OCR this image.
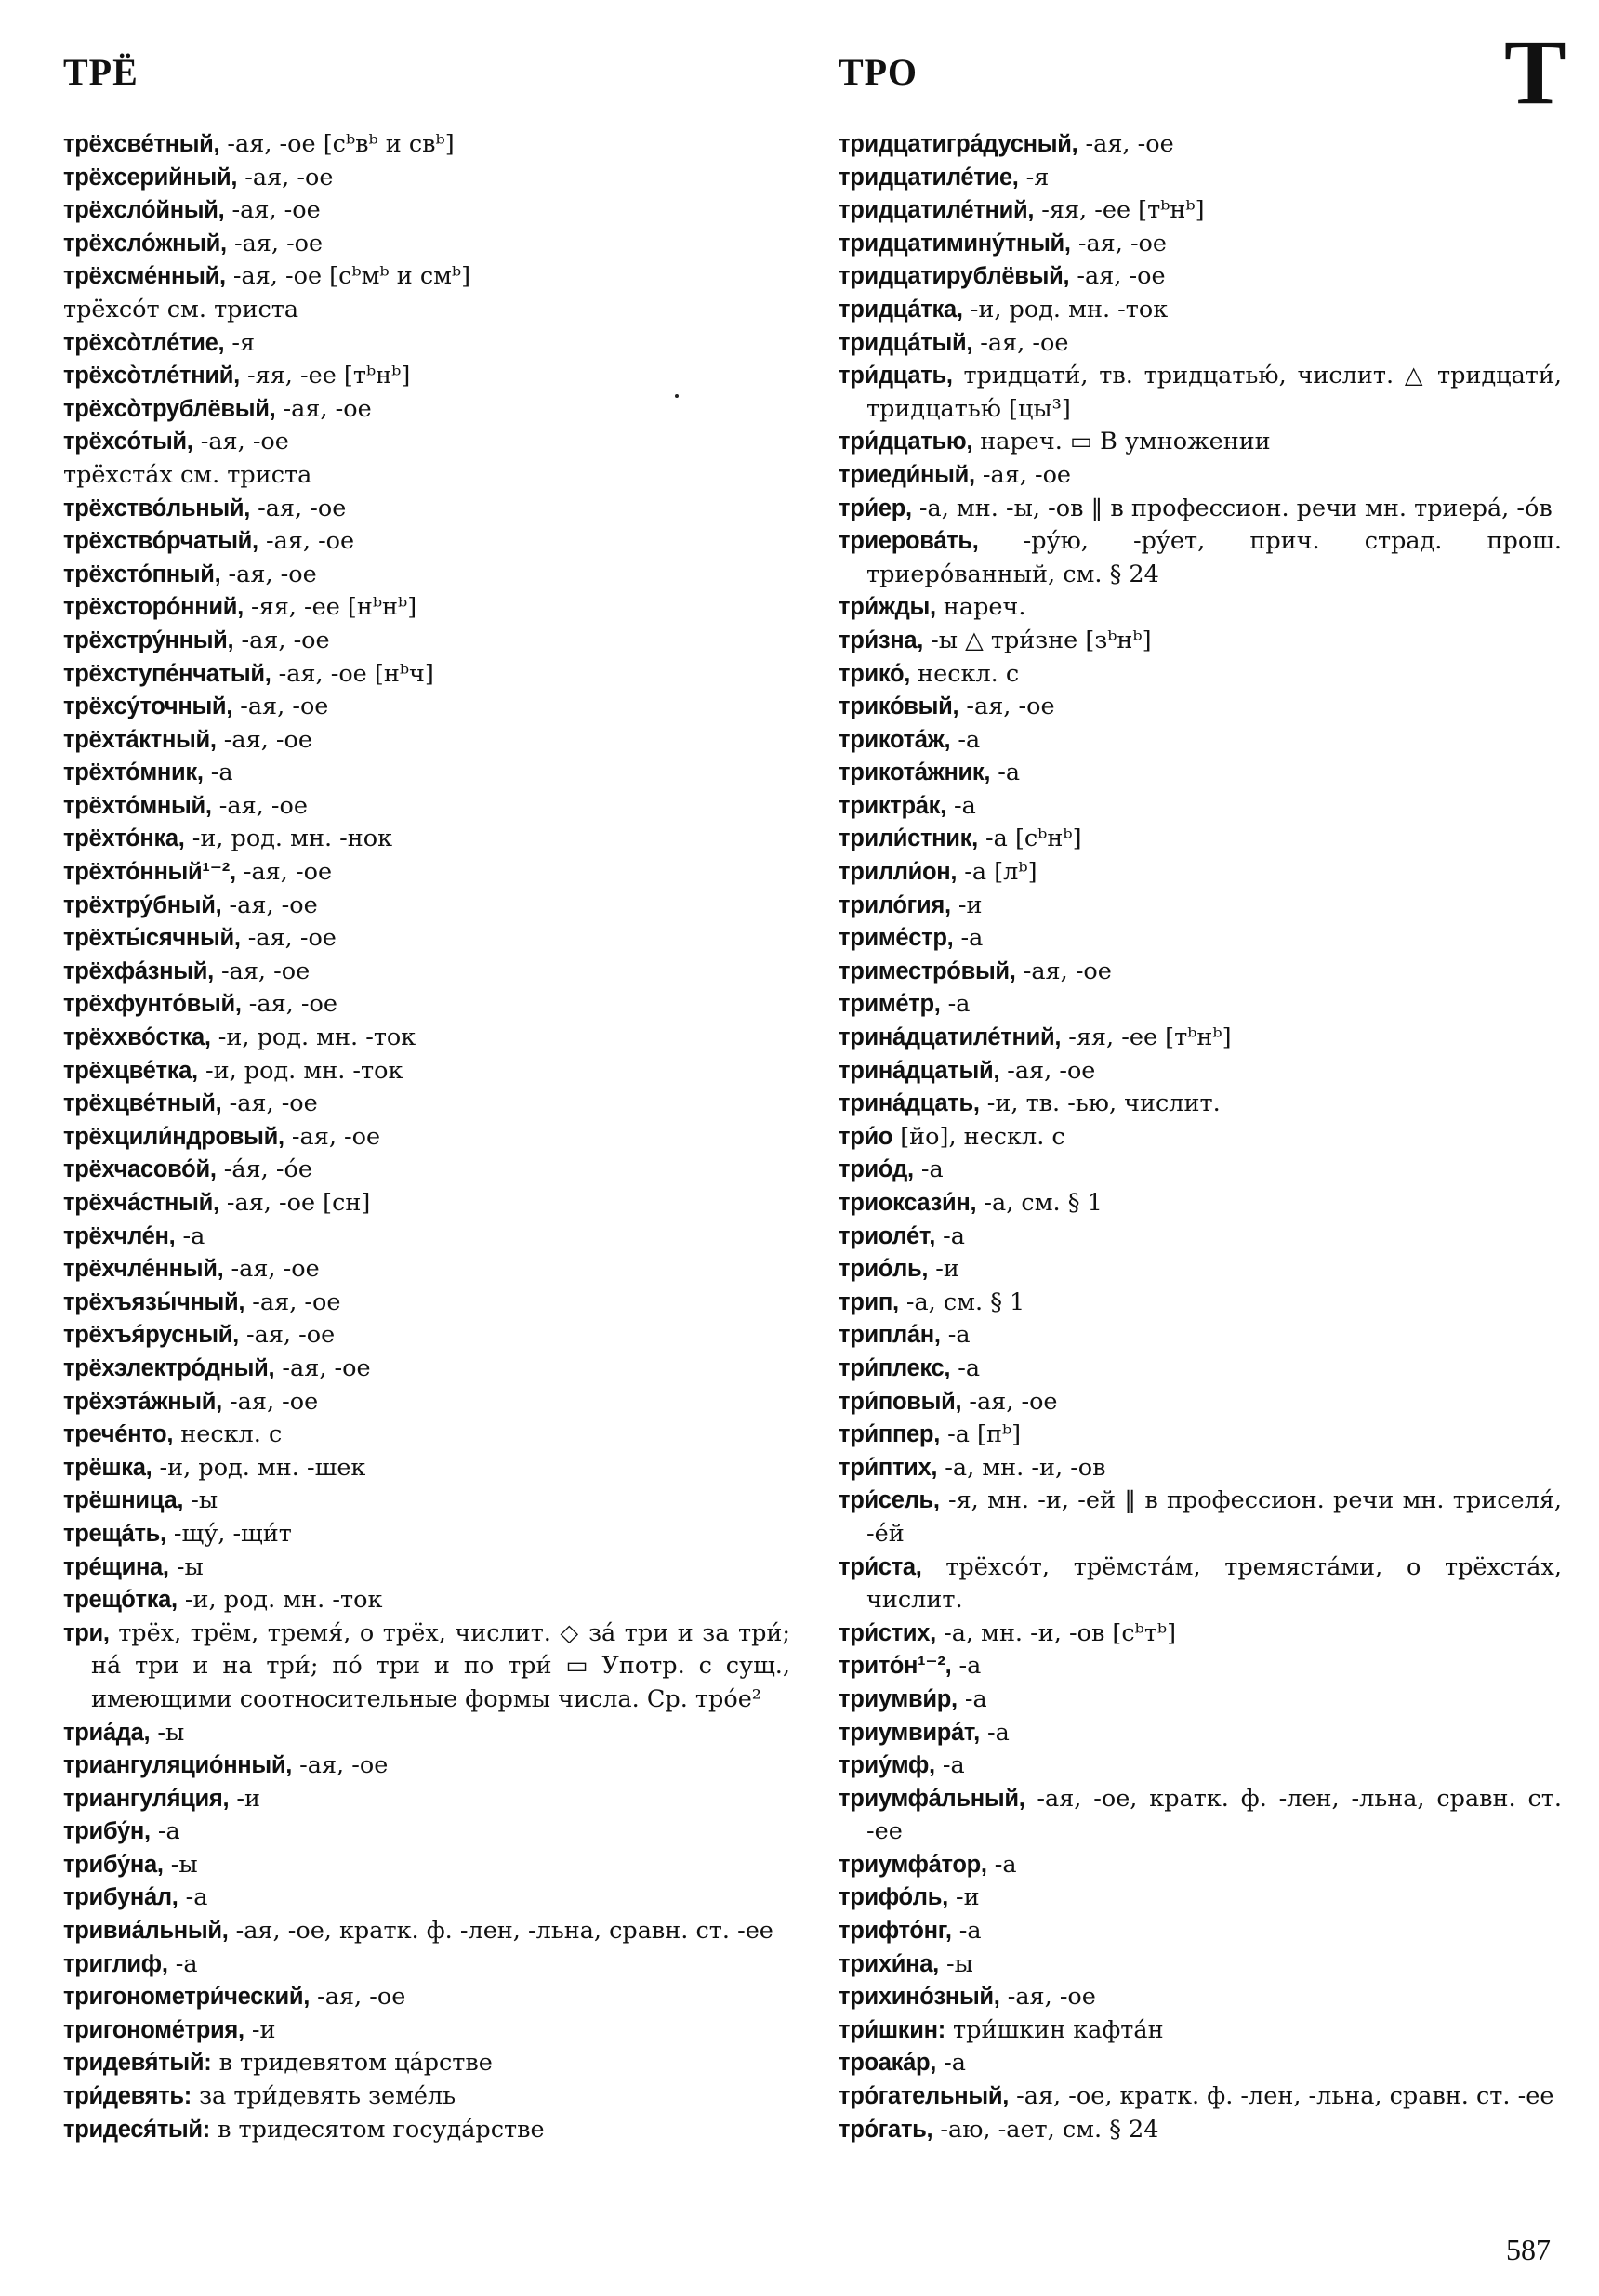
ТРЁ	ТРО	Т

трёхсве́тный, -ая, -ое [сᵇвᵇ и свᵇ]

трёхсерийный, -ая, -ое

трёхсло́йный, -ая, -ое

трёхсло́жный, -ая, -ое

трёхсме́нный, -ая, -ое [сᵇмᵇ и смᵇ]

трёхсо́т см. триста

трёхсо̀тле́тие, -я

трёхсо̀тле́тний, -яя, -ее [тᵇнᵇ]

трёхсо̀трублёвый, -ая, -ое

трёхсо́тый, -ая, -ое

трёхста́х см. триста

трёхство́льный, -ая, -ое

трёхство́рчатый, -ая, -ое

трёхсто́пный, -ая, -ое

трёхсторо́нний, -яя, -ее [нᵇнᵇ]

трёхстру́нный, -ая, -ое

трёхступе́нчатый, -ая, -ое [нᵇч]

трёхсу́точный, -ая, -ое

трёхта́ктный, -ая, -ое

трёхто́мник, -а

трёхто́мный, -ая, -ое

трёхто́нка, -и, род. мн. -нок

трёхто́нный¹⁻², -ая, -ое

трёхтру́бный, -ая, -ое

трёхты́сячный, -ая, -ое

трёхфа́зный, -ая, -ое

трёхфунто́вый, -ая, -ое

трёххво́стка, -и, род. мн. -ток

трёхцве́тка, -и, род. мн. -ток

трёхцве́тный, -ая, -ое

трёхцили́ндровый, -ая, -ое

трёхчасово́й, -а́я, -о́е

трёхча́стный, -ая, -ое [сн]

трёхчле́н, -а

трёхчле́нный, -ая, -ое

трёхъязы́чный, -ая, -ое

трёхъя́русный, -ая, -ое

трёхэлектро́дный, -ая, -ое

трёхэта́жный, -ая, -ое

тречéнто, нескл. с

трёшка, -и, род. мн. -шек

трёшница, -ы

трещáть, -щу́, -щи́т

трéщина, -ы

трещо́тка, -и, род. мн. -ток

три, трёх, трём, тремя́, о трёх, числит. ◇ за́ три и за три́; на́ три и на три́; по́ три и по три́ ▭ Употр. с сущ., имеющими соотносительные формы числа. Ср. тро́е²

триа́да, -ы

триангуляцио́нный, -ая, -ое

триангуля́ция, -и

трибу́н, -а

трибу́на, -ы

трибуна́л, -а

тривиа́льный, -ая, -ое, кратк. ф. -лен, -льна, сравн. ст. -ее

триглиф, -а

тригонометри́ческий, -ая, -ое

тригономе́трия, -и

тридевя́тый: в тридевятом ца́рстве

три́девять: за три́девять земе́ль

тридеся́тый: в тридесятом госуда́рстве

тридцатигра́дусный, -ая, -ое

тридцатиле́тие, -я

тридцатиле́тний, -яя, -ее [тᵇнᵇ]

тридцатимину́тный, -ая, -ое

тридцатирублёвый, -ая, -ое

тридца́тка, -и, род. мн. -ток

тридца́тый, -ая, -ое

три́дцать, тридцати́, тв. тридцатью́, числит. △ тридцати́, тридцатью́ [цы³]

три́дцатью, нареч. ▭ В умножении

триеди́ный, -ая, -ое

три́ер, -а, мн. -ы, -ов ‖ в профессион. речи мн. триера́, -о́в

триерова́ть, -ру́ю, -ру́ет, прич. страд. прош. триеро́ванный, см. § 24

три́жды, нареч.

три́зна, -ы △ три́зне [зᵇнᵇ]

трико́, нескл. с

трико́вый, -ая, -ое

трикота́ж, -а

трикота́жник, -а

триктра́к, -а

трили́стник, -а [сᵇнᵇ]

трилли́он, -а [лᵇ]

трило́гия, -и

триме́стр, -а

триместро́вый, -ая, -ое

триме́тр, -а

трина́дцатиле́тний, -яя, -ее [тᵇнᵇ]

трина́дцатый, -ая, -ое

трина́дцать, -и, тв. -ью, числит.

три́о [йо], нескл. с

трио́д, -а

триоксази́н, -а, см. § 1

триоле́т, -а

трио́ль, -и

трип, -а, см. § 1

трипла́н, -а

три́плекс, -а

три́повый, -ая, -ое

три́ппер, -а [пᵇ]

три́птих, -а, мн. -и, -ов

три́сель, -я, мн. -и, -ей ‖ в профессион. речи мн. триселя́, -е́й

три́ста, трёхсо́т, трёмста́м, тремяста́ми, о трёхста́х, числит.

три́стих, -а, мн. -и, -ов [сᵇтᵇ]

трито́н¹⁻², -а

триумви́р, -а

триумвира́т, -а

триу́мф, -а

триумфа́льный, -ая, -ое, кратк. ф. -лен, -льна, сравн. ст. -ее

триумфа́тор, -а

трифо́ль, -и

трифто́нг, -а

трихи́на, -ы

трихино́зный, -ая, -ое

три́шкин: три́шкин кафта́н

троака́р, -а

тро́гательный, -ая, -ое, кратк. ф. -лен, -льна, сравн. ст. -ее

тро́гать, -аю, -ает, см. § 24

587
